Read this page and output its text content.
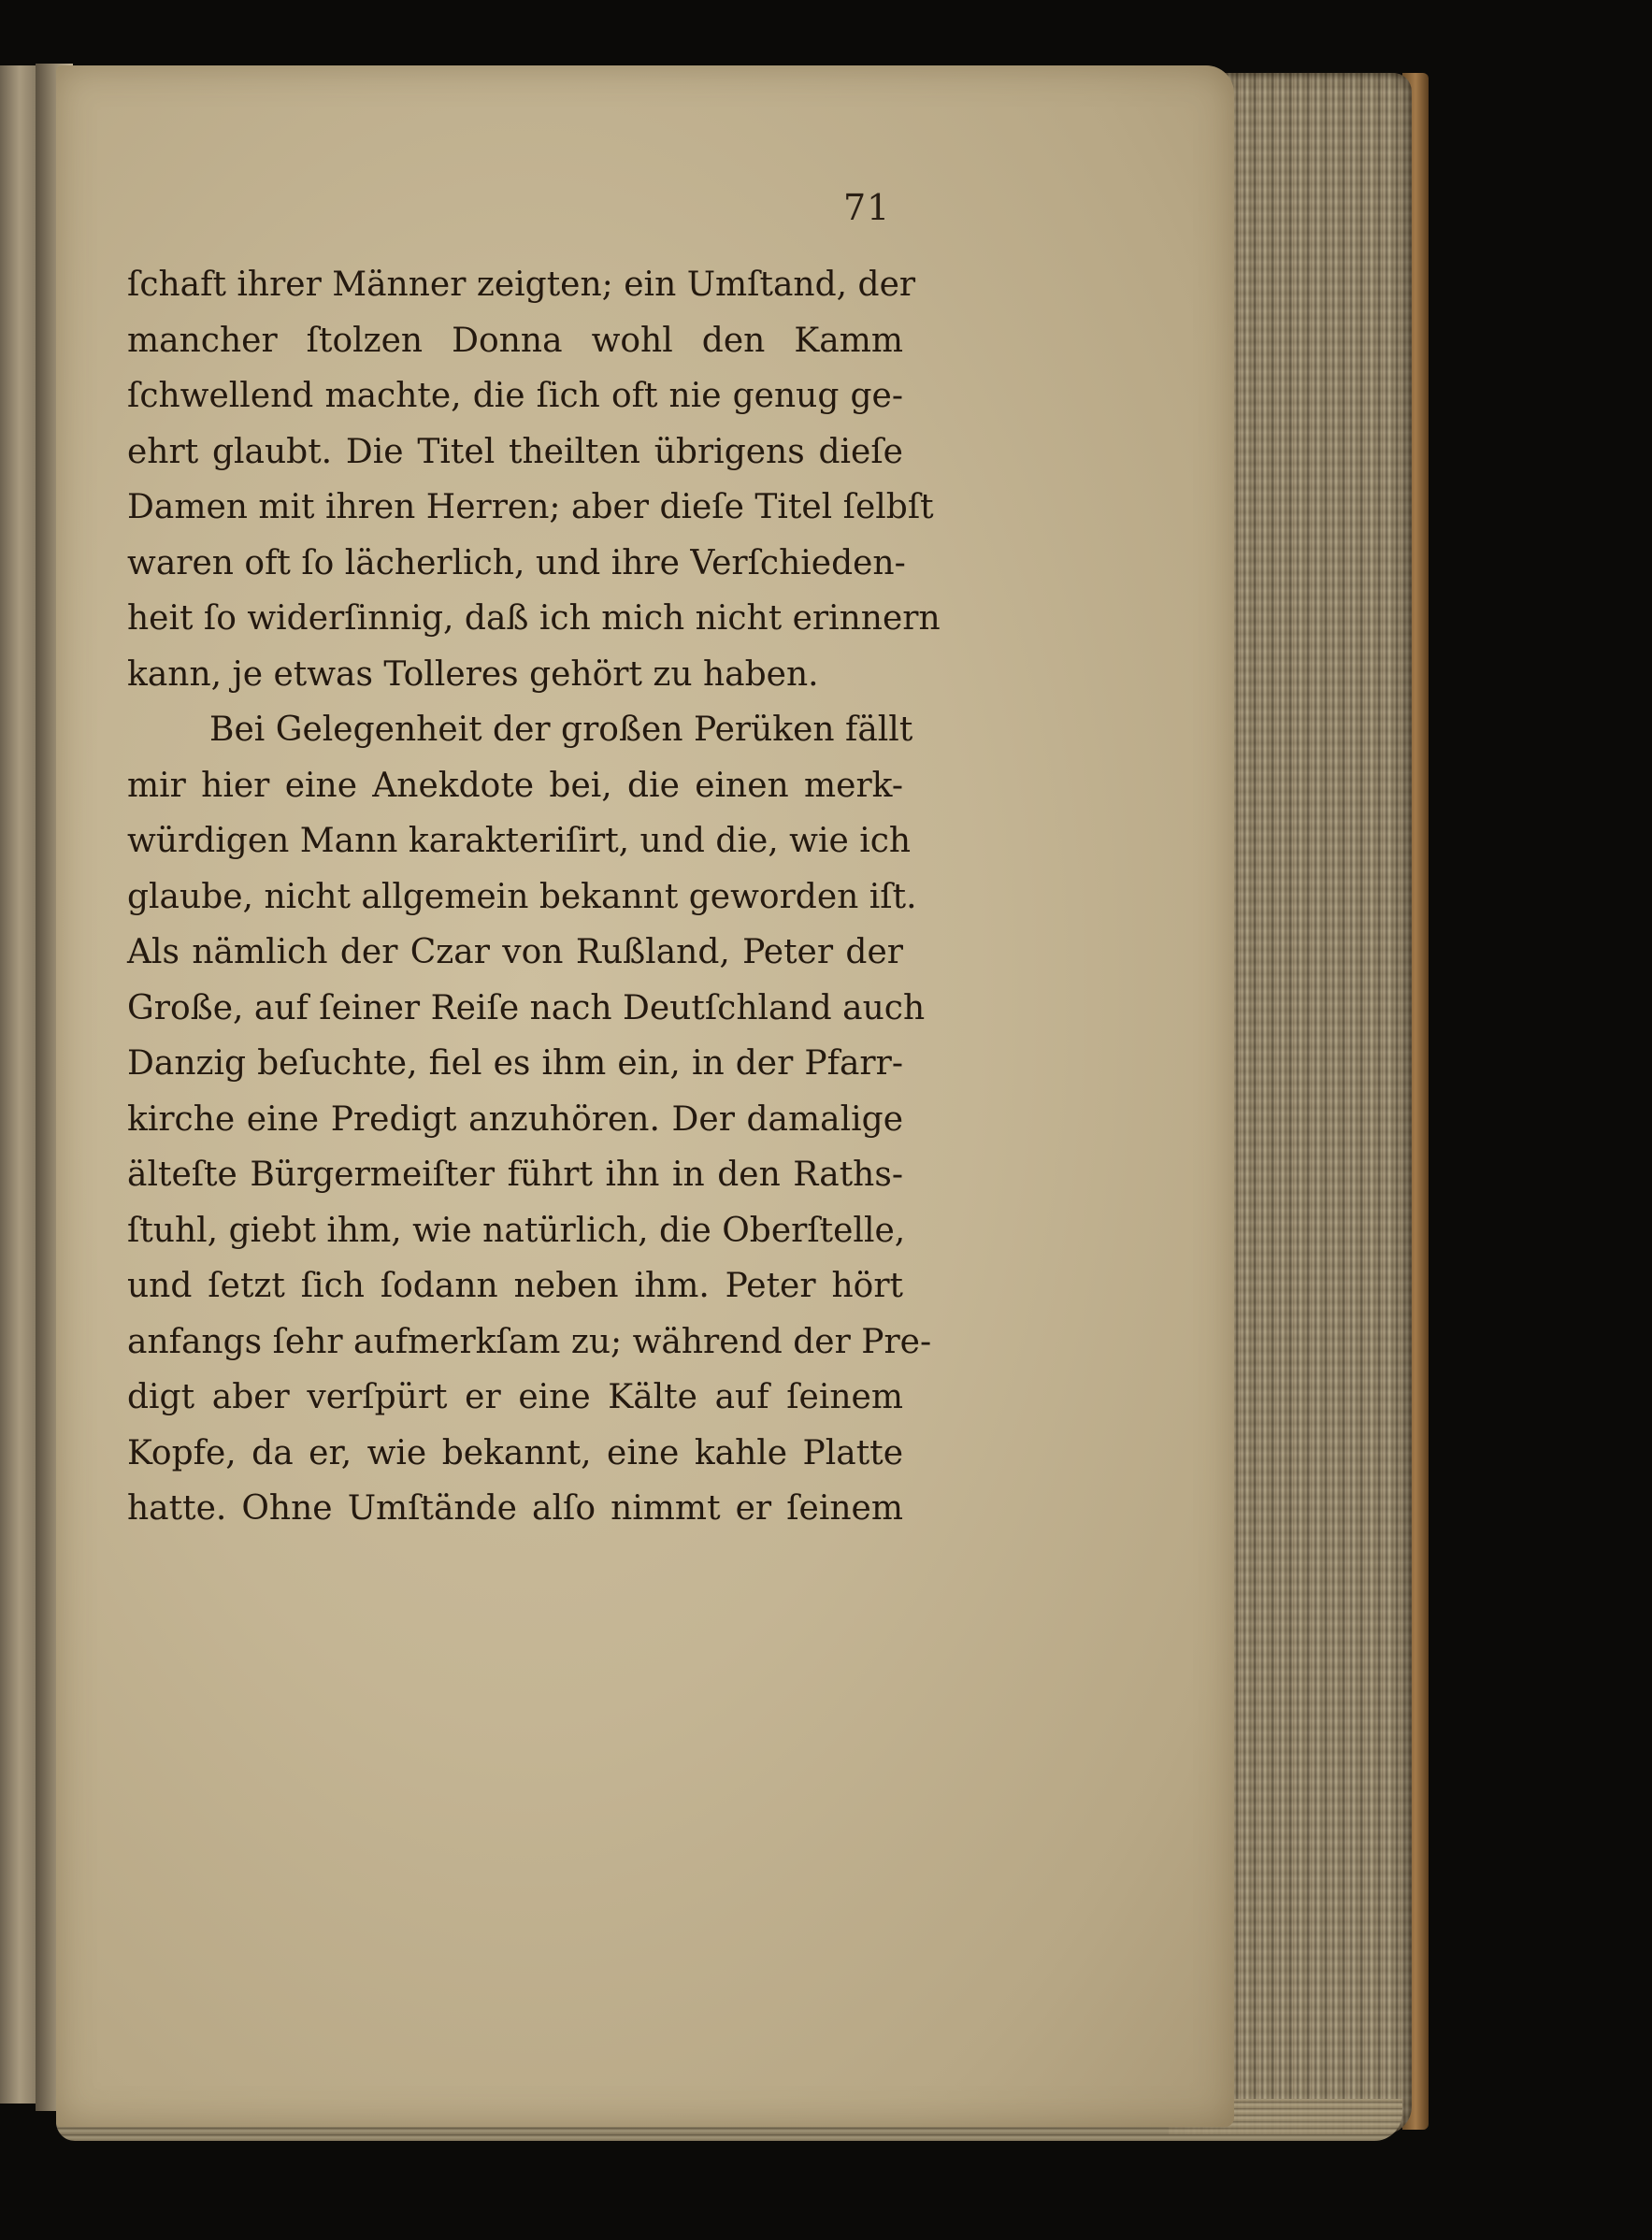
71
ſchaft ihrer Männer zeigten; ein Umſtand, der
mancher ſtolzen Donna wohl den Kamm
ſchwellend machte, die ſich oft nie genug ge-
ehrt glaubt. Die Titel theilten übrigens dieſe
Damen mit ihren Herren; aber dieſe Titel ſelbſt
waren oft ſo lächerlich, und ihre Verſchieden-
heit ſo widerſinnig, daß ich mich nicht erinnern
kann, je etwas Tolleres gehört zu haben.
Bei Gelegenheit der großen Perüken fällt
mir hier eine Anekdote bei, die einen merk-
würdigen Mann karakteriſirt, und die, wie ich
glaube, nicht allgemein bekannt geworden iſt.
Als nämlich der Czar von Rußland, Peter der
Große, auf ſeiner Reiſe nach Deutſchland auch
Danzig beſuchte, fiel es ihm ein, in der Pfarr-
kirche eine Predigt anzuhören. Der damalige
älteſte Bürgermeiſter führt ihn in den Raths-
ſtuhl, giebt ihm, wie natürlich, die Oberſtelle,
und ſetzt ſich ſodann neben ihm. Peter hört
anfangs ſehr aufmerkſam zu; während der Pre-
digt aber verſpürt er eine Kälte auf ſeinem
Kopfe, da er, wie bekannt, eine kahle Platte
hatte. Ohne Umſtände alſo nimmt er ſeinem
